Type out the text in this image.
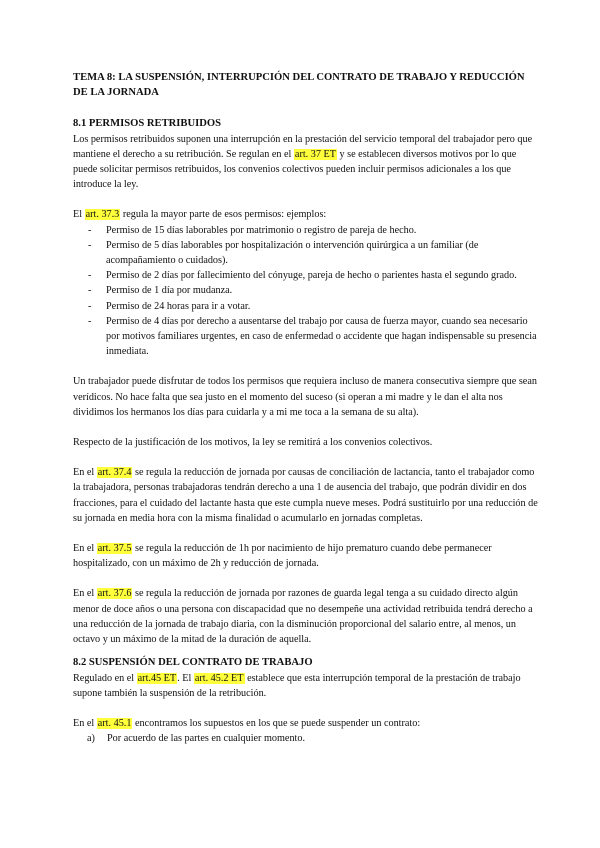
TEMA 8: LA SUSPENSIÓN, INTERRUPCIÓN DEL CONTRATO DE TRABAJO Y REDUCCIÓN DE LA JORNADA

8.1 PERMISOS RETRIBUIDOS

Los permisos retribuidos suponen una interrupción en la prestación del servicio temporal del trabajador pero que mantiene el derecho a su retribución. Se regulan en el art. 37 ET y se establecen diversos motivos por lo que puede solicitar permisos retribuidos, los convenios colectivos pueden incluir permisos adicionales a los que introduce la ley.

El art. 37.3 regula la mayor parte de esos permisos: ejemplos:

- Permiso de 15 días laborables por matrimonio o registro de pareja de hecho.
- Permiso de 5 días laborables por hospitalización o intervención quirúrgica a un familiar (de acompañamiento o cuidados).
- Permiso de 2 días por fallecimiento del cónyuge, pareja de hecho o parientes hasta el segundo grado.
- Permiso de 1 día por mudanza.
- Permiso de 24 horas para ir a votar.
- Permiso de 4 días por derecho a ausentarse del trabajo por causa de fuerza mayor, cuando sea necesario por motivos familiares urgentes, en caso de enfermedad o accidente que hagan indispensable su presencia inmediata.

Un trabajador puede disfrutar de todos los permisos que requiera incluso de manera consecutiva siempre que sean verídicos. No hace falta que sea justo en el momento del suceso (si operan a mi madre y le dan el alta nos dividimos los hermanos los días para cuidarla y a mi me toca a la semana de su alta).

Respecto de la justificación de los motivos, la ley se remitirá a los convenios colectivos.

En el art. 37.4 se regula la reducción de jornada por causas de conciliación de lactancia, tanto el trabajador como la trabajadora, personas trabajadoras tendrán derecho a una 1 de ausencia del trabajo, que podrán dividir en dos fracciones, para el cuidado del lactante hasta que este cumpla nueve meses. Podrá sustituirlo por una reducción de su jornada en media hora con la misma finalidad o acumularlo en jornadas completas.

En el art. 37.5 se regula la reducción de 1h por nacimiento de hijo prematuro cuando debe permanecer hospitalizado, con un máximo de 2h y reducción de jornada.

En el art. 37.6 se regula la reducción de jornada por razones de guarda legal tenga a su cuidado directo algún menor de doce años o una persona con discapacidad que no desempeñe una actividad retribuida tendrá derecho a una reducción de la jornada de trabajo diaria, con la disminución proporcional del salario entre, al menos, un octavo y un máximo de la mitad de la duración de aquella.

8.2 SUSPENSIÓN DEL CONTRATO DE TRABAJO

Regulado en el art.45 ET. El art. 45.2 ET establece que esta interrupción temporal de la prestación de trabajo supone también la suspensión de la retribución.

En el art. 45.1 encontramos los supuestos en los que se puede suspender un contrato:

a) Por acuerdo de las partes en cualquier momento.
